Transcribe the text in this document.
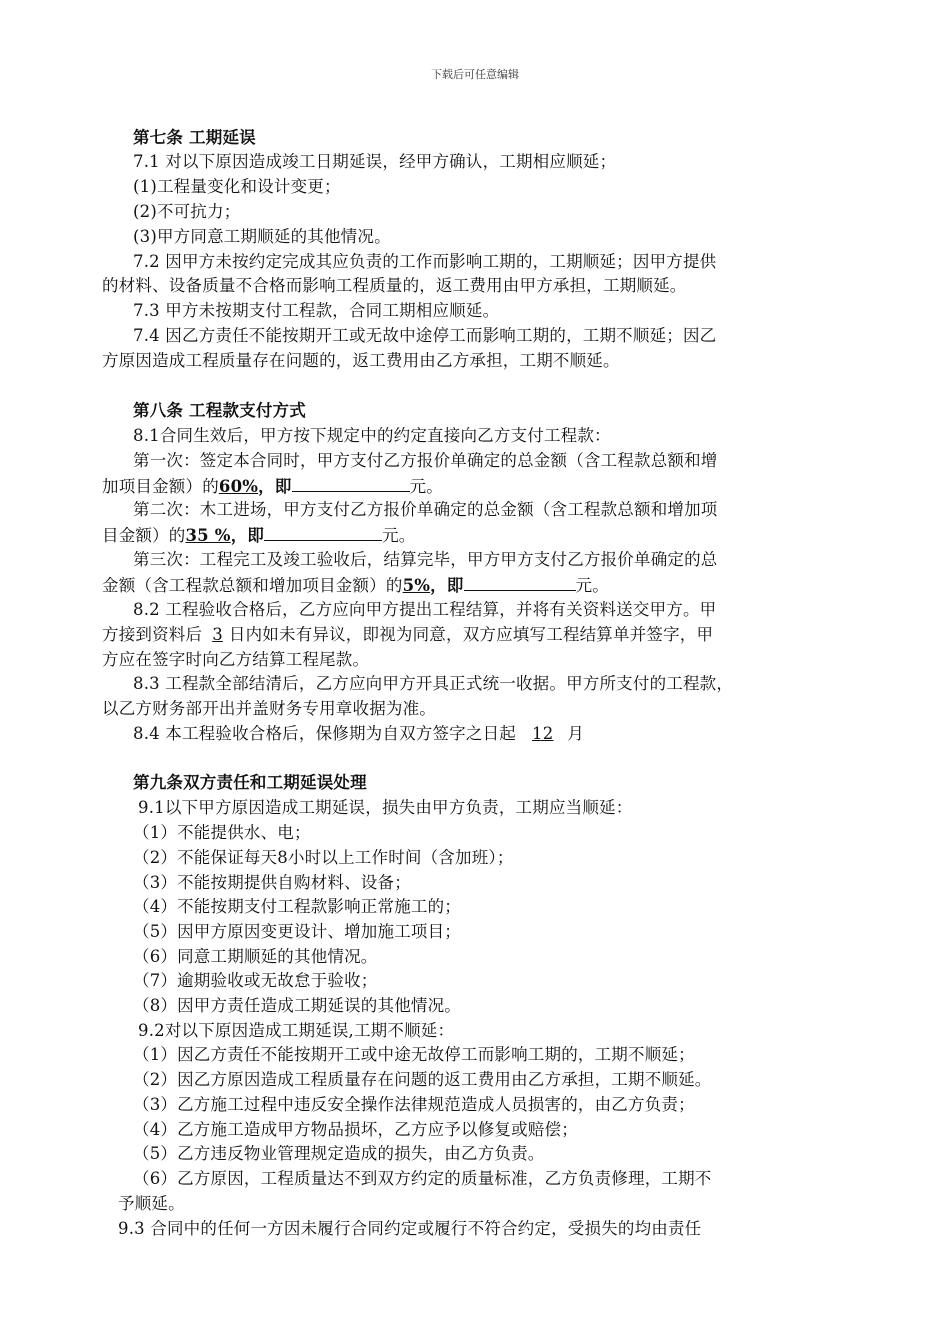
下载后可任意编辑
第七条 工期延误
7.1 对以下原因造成竣工日期延误，经甲方确认，工期相应顺延；
(1)工程量变化和设计变更；
(2)不可抗力；
(3)甲方同意工期顺延的其他情况。
7.2 因甲方未按约定完成其应负责的工作而影响工期的，工期顺延；因甲方提供
的材料、设备质量不合格而影响工程质量的，返工费用由甲方承担，工期顺延。
7.3 甲方未按期支付工程款，合同工期相应顺延。
7.4 因乙方责任不能按期开工或无故中途停工而影响工期的，工期不顺延；因乙
方原因造成工程质量存在问题的，返工费用由乙方承担，工期不顺延。
第八条 工程款支付方式
8.1合同生效后，甲方按下规定中的约定直接向乙方支付工程款：
第一次：签定本合同时，甲方支付乙方报价单确定的总金额（含工程款总额和增
加项目金额）的60%，即	元。
第二次：木工进场，甲方支付乙方报价单确定的总金额（含工程款总额和增加项
目金额）的35 %，即	元。
第三次：工程完工及竣工验收后，结算完毕，甲方甲方支付乙方报价单确定的总
金额（含工程款总额和增加项目金额）的5%，即	元。
8.2 工程验收合格后，乙方应向甲方提出工程结算，并将有关资料送交甲方。甲
方接到资料后 3 日内如未有异议，即视为同意，双方应填写工程结算单并签字，甲
方应在签字时向乙方结算工程尾款。
8.3 工程款全部结清后，乙方应向甲方开具正式统一收据。甲方所支付的工程款，
以乙方财务部开出并盖财务专用章收据为准。
8.4 本工程验收合格后，保修期为自双方签字之日起 12 月
第九条双方责任和工期延误处理
9.1以下甲方原因造成工期延误，损失由甲方负责，工期应当顺延：
（1）不能提供水、电；
（2）不能保证每天8小时以上工作时间（含加班）；
（3）不能按期提供自购材料、设备；
（4）不能按期支付工程款影响正常施工的；
（5）因甲方原因变更设计、增加施工项目；
（6）同意工期顺延的其他情况。
（7）逾期验收或无故怠于验收；
（8）因甲方责任造成工期延误的其他情况。
9.2对以下原因造成工期延误,工期不顺延：
（1）因乙方责任不能按期开工或中途无故停工而影响工期的，工期不顺延；
（2）因乙方原因造成工程质量存在问题的返工费用由乙方承担，工期不顺延。
（3）乙方施工过程中违反安全操作法律规范造成人员损害的，由乙方负责；
（4）乙方施工造成甲方物品损坏，乙方应予以修复或赔偿；
（5）乙方违反物业管理规定造成的损失，由乙方负责。
（6）乙方原因，工程质量达不到双方约定的质量标准，乙方负责修理，工期不
予顺延。
9.3 合同中的任何一方因未履行合同约定或履行不符合约定，受损失的均由责任
